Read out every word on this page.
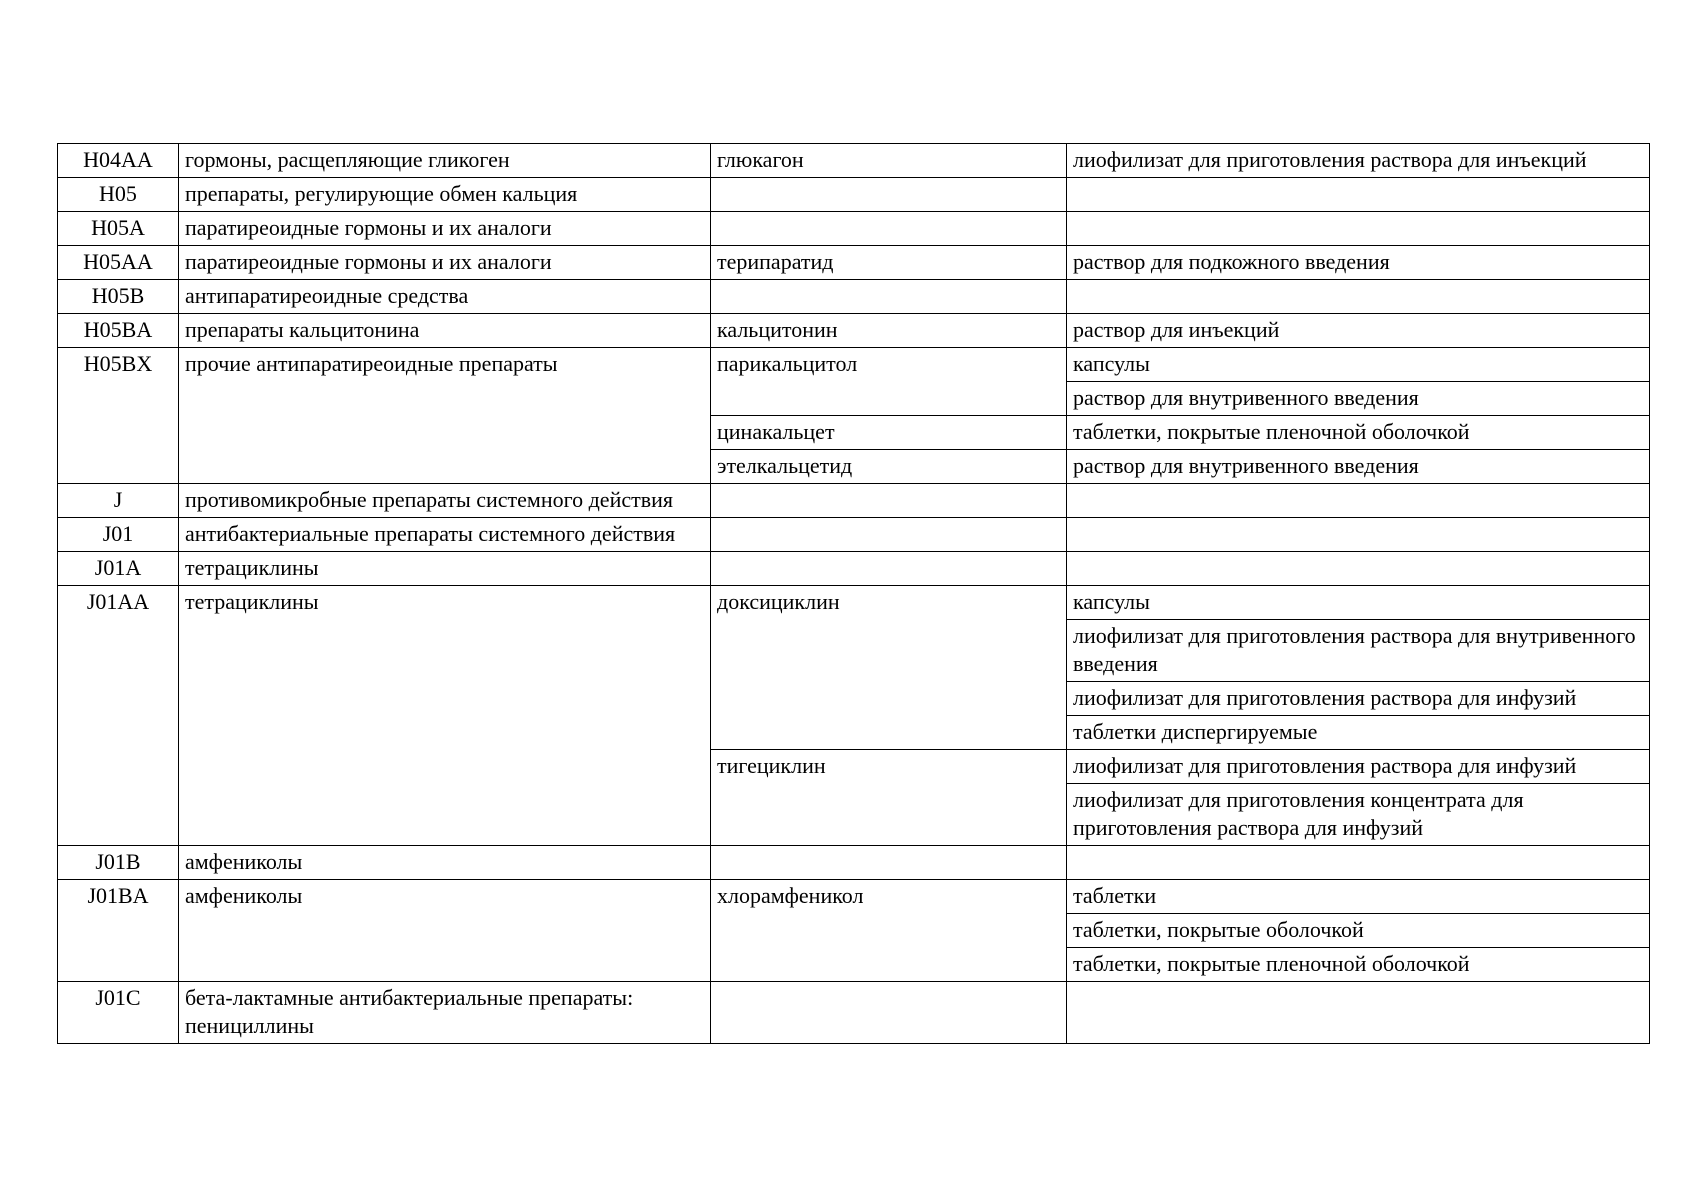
H04AA	гормоны, расщепляющие гликоген	глюкагон	лиофилизат для приготовления раствора для инъекций
H05	препараты, регулирующие обмен кальция		
H05A	паратиреоидные гормоны и их аналоги		
H05AA	паратиреоидные гормоны и их аналоги	терипаратид	раствор для подкожного введения
H05B	антипаратиреоидные средства		
H05BA	препараты кальцитонина	кальцитонин	раствор для инъекций
H05BX	прочие антипаратиреоидные препараты	парикальцитол	капсулы
			раствор для внутривенного введения
		цинакальцет	таблетки, покрытые пленочной оболочкой
		этелкальцетид	раствор для внутривенного введения
J	противомикробные препараты системного действия		
J01	антибактериальные препараты системного действия		
J01A	тетрациклины		
J01AA	тетрациклины	доксициклин	капсулы
			лиофилизат для приготовления раствора для внутривенного введения
			лиофилизат для приготовления раствора для инфузий
			таблетки диспергируемые
		тигециклин	лиофилизат для приготовления раствора для инфузий
			лиофилизат для приготовления концентрата для приготовления раствора для инфузий
J01B	амфениколы		
J01BA	амфениколы	хлорамфеникол	таблетки
			таблетки, покрытые оболочкой
			таблетки, покрытые пленочной оболочкой
J01C	бета-лактамные антибактериальные препараты: пенициллины		
